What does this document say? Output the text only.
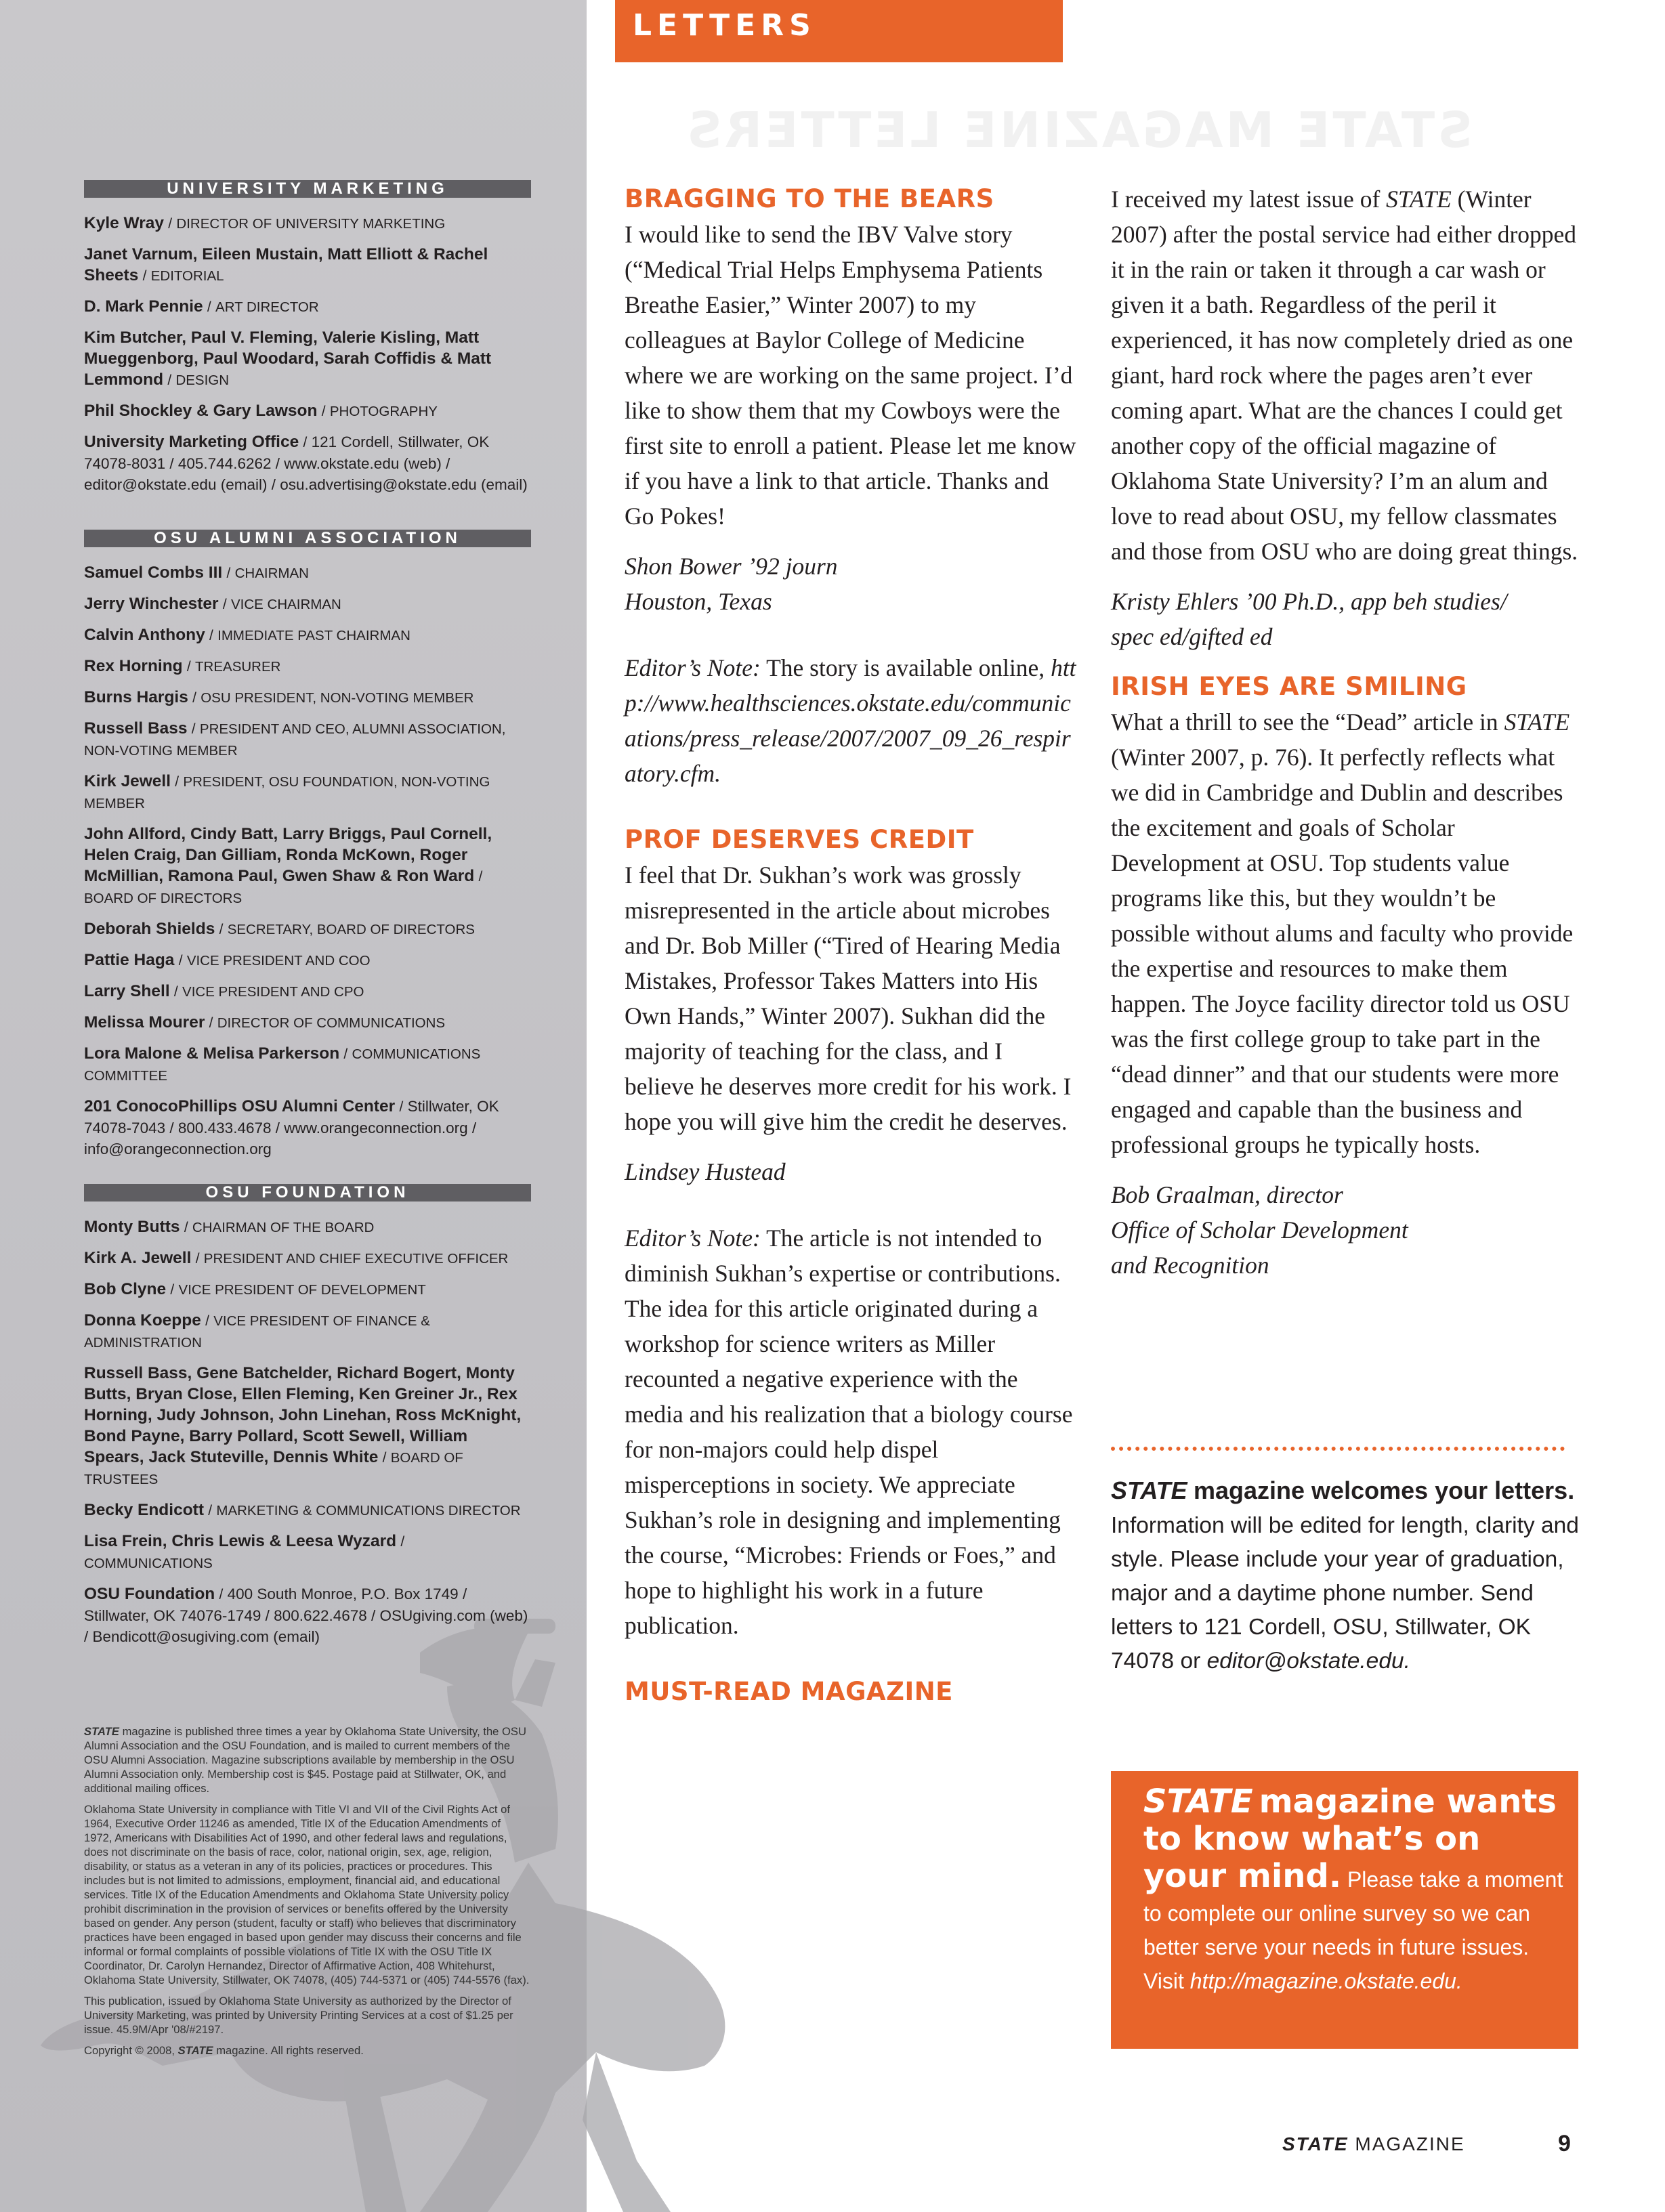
LETTERS
STATE MAGAZINE LETTERS
UNIVERSITY MARKETING
Kyle Wray / DIRECTOR OF UNIVERSITY MARKETING
Janet Varnum, Eileen Mustain, Matt Elliott & Rachel Sheets / EDITORIAL
D. Mark Pennie / ART DIRECTOR
Kim Butcher, Paul V. Fleming, Valerie Kisling, Matt Mueggenborg, Paul Woodard, Sarah Coffidis & Matt Lemmond / DESIGN
Phil Shockley & Gary Lawson / PHOTOGRAPHY
University Marketing Office / 121 Cordell, Stillwater, OK 74078-8031 / 405.744.6262 / www.okstate.edu (web) / editor@okstate.edu (email) / osu.advertising@okstate.edu (email)
OSU ALUMNI ASSOCIATION
Samuel Combs III / CHAIRMAN
Jerry Winchester / VICE CHAIRMAN
Calvin Anthony / IMMEDIATE PAST CHAIRMAN
Rex Horning / TREASURER
Burns Hargis / OSU PRESIDENT, NON-VOTING MEMBER
Russell Bass / PRESIDENT AND CEO, ALUMNI ASSOCIATION, NON-VOTING MEMBER
Kirk Jewell / PRESIDENT, OSU FOUNDATION, NON-VOTING MEMBER
John Allford, Cindy Batt, Larry Briggs, Paul Cornell, Helen Craig, Dan Gilliam, Ronda McKown, Roger McMillian, Ramona Paul, Gwen Shaw & Ron Ward / BOARD OF DIRECTORS
Deborah Shields / SECRETARY, BOARD OF DIRECTORS
Pattie Haga / VICE PRESIDENT AND COO
Larry Shell / VICE PRESIDENT AND CPO
Melissa Mourer / DIRECTOR OF COMMUNICATIONS
Lora Malone & Melisa Parkerson / COMMUNICATIONS COMMITTEE
201 ConocoPhillips OSU Alumni Center / Stillwater, OK 74078-7043 / 800.433.4678 / www.orangeconnection.org / info@orangeconnection.org
OSU FOUNDATION
Monty Butts / CHAIRMAN OF THE BOARD
Kirk A. Jewell / PRESIDENT AND CHIEF EXECUTIVE OFFICER
Bob Clyne / VICE PRESIDENT OF DEVELOPMENT
Donna Koeppe / VICE PRESIDENT OF FINANCE & ADMINISTRATION
Russell Bass, Gene Batchelder, Richard Bogert, Monty Butts, Bryan Close, Ellen Fleming, Ken Greiner Jr., Rex Horning, Judy Johnson, John Linehan, Ross McKnight, Bond Payne, Barry Pollard, Scott Sewell, William Spears, Jack Stuteville, Dennis White / BOARD OF TRUSTEES
Becky Endicott / MARKETING & COMMUNICATIONS DIRECTOR
Lisa Frein, Chris Lewis & Leesa Wyzard / COMMUNICATIONS
OSU Foundation / 400 South Monroe, P.O. Box 1749 / Stillwater, OK 74076-1749 / 800.622.4678 / OSUgiving.com (web) / Bendicott@osugiving.com (email)

STATE magazine is published three times a year by Oklahoma State University, the OSU Alumni Association and the OSU Foundation, and is mailed to current members of the OSU Alumni Association. Magazine subscriptions available by membership in the OSU Alumni Association only. Membership cost is $45. Postage paid at Stillwater, OK, and additional mailing offices.

Oklahoma State University in compliance with Title VI and VII of the Civil Rights Act of 1964, Executive Order 11246 as amended, Title IX of the Education Amendments of 1972, Americans with Disabilities Act of 1990, and other federal laws and regulations, does not discriminate on the basis of race, color, national origin, sex, age, religion, disability, or status as a veteran in any of its policies, practices or procedures. This includes but is not limited to admissions, employment, financial aid, and educational services. Title IX of the Education Amendments and Oklahoma State University policy prohibit discrimination in the provision of services or benefits offered by the University based on gender. Any person (student, faculty or staff) who believes that discriminatory practices have been engaged in based upon gender may discuss their concerns and file informal or formal complaints of possible violations of Title IX with the OSU Title IX Coordinator, Dr. Carolyn Hernandez, Director of Affirmative Action, 408 Whitehurst, Oklahoma State University, Stillwater, OK 74078, (405) 744-5371 or (405) 744-5576 (fax).

This publication, issued by Oklahoma State University as authorized by the Director of University Marketing, was printed by University Printing Services at a cost of $1.25 per issue. 45.9M/Apr '08/#2197.

Copyright © 2008, STATE magazine. All rights reserved.

BRAGGING TO THE BEARS

I would like to send the IBV Valve story (“Medical Trial Helps Emphysema Patients Breathe Easier,” Winter 2007) to my colleagues at Baylor College of Medicine where we are working on the same project. I’d like to show them that my Cowboys were the first site to enroll a patient. Please let me know if you have a link to that article. Thanks and Go Pokes!

Shon Bower ’92 journ

Houston, Texas

Editor’s Note: The story is available online, http://www.healthsciences.okstate.edu/communications/press_release/2007/2007_09_26_respiratory.cfm.

PROF DESERVES CREDIT

I feel that Dr. Sukhan’s work was grossly misrepresented in the article about microbes and Dr. Bob Miller (“Tired of Hearing Media Mistakes, Professor Takes Matters into His Own Hands,” Winter 2007). Sukhan did the majority of teaching for the class, and I believe he deserves more credit for his work. I hope you will give him the credit he deserves.

Lindsey Hustead

Editor’s Note: The article is not intended to diminish Sukhan’s expertise or contributions. The idea for this article originated during a workshop for science writers as Miller recounted a negative experience with the media and his realization that a biology course for non-majors could help dispel misperceptions in society. We appreciate Sukhan’s role in designing and implementing the course, “Microbes: Friends or Foes,” and hope to highlight his work in a future publication.

MUST-READ MAGAZINE

I received my latest issue of STATE (Winter 2007) after the postal service had either dropped it in the rain or taken it through a car wash or given it a bath. Regardless of the peril it experienced, it has now completely dried as one giant, hard rock where the pages aren’t ever coming apart. What are the chances I could get another copy of the official magazine of Oklahoma State University? I’m an alum and love to read about OSU, my fellow classmates and those from OSU who are doing great things.

Kristy Ehlers ’00 Ph.D., app beh studies/

spec ed/gifted ed

IRISH EYES ARE SMILING

What a thrill to see the “Dead” article in STATE (Winter 2007, p. 76). It perfectly reflects what we did in Cambridge and Dublin and describes the excitement and goals of Scholar Development at OSU. Top students value programs like this, but they wouldn’t be possible without alums and faculty who provide the expertise and resources to make them happen. The Joyce facility director told us OSU was the first college group to take part in the “dead dinner” and that our students were more engaged and capable than the business and professional groups he typically hosts.

Bob Graalman, director

Office of Scholar Development

and Recognition

STATE magazine welcomes your letters. Information will be edited for length, clarity and style. Please include your year of graduation, major and a daytime phone number. Send letters to 121 Cordell, OSU, Stillwater, OK 74078 or editor@okstate.edu.
STATE magazine wants to know what’s on your mind. Please take a moment to complete our online survey so we can better serve your needs in future issues. Visit http://magazine.okstate.edu.
STATE MAGAZINE	9
